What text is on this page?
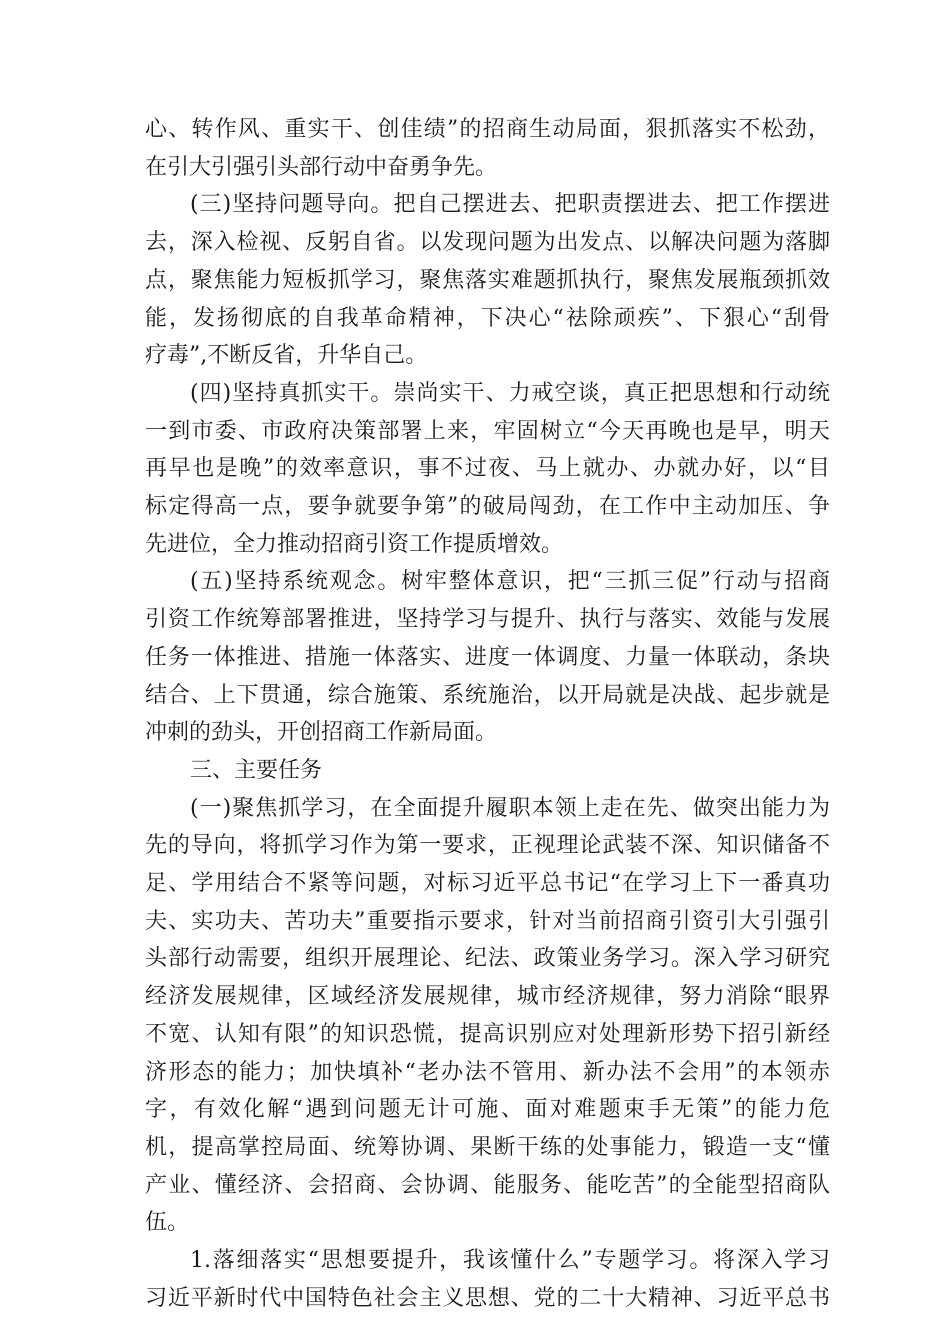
心、转作风、重实干、创佳绩”的招商生动局面，狠抓落实不松劲，
在引大引强引头部行动中奋勇争先。
(三)坚持问题导向。把自己摆进去、把职责摆进去、把工作摆进
去，深入检视、反躬自省。以发现问题为出发点、以解决问题为落脚
点，聚焦能力短板抓学习，聚焦落实难题抓执行，聚焦发展瓶颈抓效
能，发扬彻底的自我革命精神，下决心“祛除顽疾”、下狠心“刮骨
疗毒”,不断反省，升华自己。
(四)坚持真抓实干。崇尚实干、力戒空谈，真正把思想和行动统
一到市委、市政府决策部署上来，牢固树立“今天再晚也是早，明天
再早也是晚”的效率意识，事不过夜、马上就办、办就办好，以“目
标定得高一点，要争就要争第”的破局闯劲，在工作中主动加压、争
先进位，全力推动招商引资工作提质增效。
(五)坚持系统观念。树牢整体意识，把“三抓三促”行动与招商
引资工作统筹部署推进，坚持学习与提升、执行与落实、效能与发展
任务一体推进、措施一体落实、进度一体调度、力量一体联动，条块
结合、上下贯通，综合施策、系统施治，以开局就是决战、起步就是
冲刺的劲头，开创招商工作新局面。
三、主要任务
(一)聚焦抓学习，在全面提升履职本领上走在先、做突出能力为
先的导向，将抓学习作为第一要求，正视理论武装不深、知识储备不
足、学用结合不紧等问题，对标习近平总书记“在学习上下一番真功
夫、实功夫、苦功夫”重要指示要求，针对当前招商引资引大引强引
头部行动需要，组织开展理论、纪法、政策业务学习。深入学习研究
经济发展规律，区域经济发展规律，城市经济规律，努力消除“眼界
不宽、认知有限”的知识恐慌，提高识别应对处理新形势下招引新经
济形态的能力；加快填补“老办法不管用、新办法不会用”的本领赤
字，有效化解“遇到问题无计可施、面对难题束手无策”的能力危
机，提高掌控局面、统筹协调、果断干练的处事能力，锻造一支“懂
产业、懂经济、会招商、会协调、能服务、能吃苦”的全能型招商队
伍。
1.落细落实“思想要提升，我该懂什么”专题学习。将深入学习
习近平新时代中国特色社会主义思想、党的二十大精神、习近平总书
